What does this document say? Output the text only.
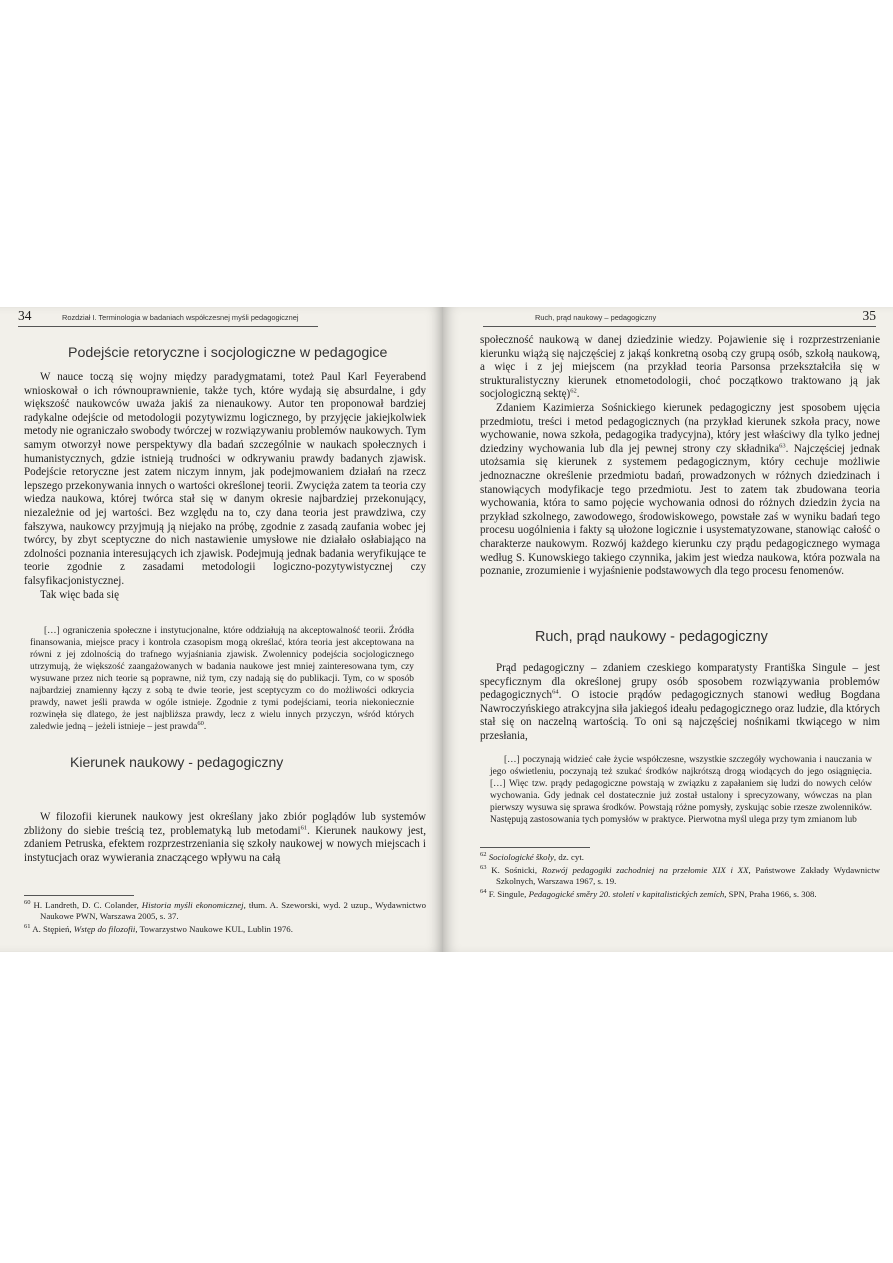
34	Rozdział I. Terminologia w badaniach współczesnej myśli pedagogicznej
Podejście retoryczne i socjologiczne w pedagogice

W nauce toczą się wojny między paradygmatami, toteż Paul Karl Feyerabend wnioskował o ich równouprawnienie, także tych, które wydają się absurdalne, i gdy większość naukowców uważa jakiś za nienaukowy. Autor ten proponował bardziej radykalne odejście od metodologii pozytywizmu logicznego, by przyjęcie jakiejkolwiek metody nie ograniczało swobody twórczej w rozwiązywaniu problemów naukowych. Tym samym otworzył nowe perspektywy dla badań szczególnie w naukach społecznych i humanistycznych, gdzie istnieją trudności w odkrywaniu prawdy badanych zjawisk. Podejście retoryczne jest zatem niczym innym, jak podejmowaniem działań na rzecz lepszego przekonywania innych o wartości określonej teorii. Zwycięża zatem ta teoria czy wiedza naukowa, której twórca stał się w danym okresie najbardziej przekonujący, niezależnie od jej wartości. Bez względu na to, czy dana teoria jest prawdziwa, czy fałszywa, naukowcy przyjmują ją niejako na próbę, zgodnie z zasadą zaufania wobec jej twórcy, by zbyt sceptyczne do nich nastawienie umysłowe nie działało osłabiająco na zdolności poznania interesujących ich zjawisk. Podejmują jednak badania weryfikujące te teorie zgodnie z zasadami metodologii logiczno-pozytywistycznej czy falsyfikacjonistycznej.

Tak więc bada się

[…] ograniczenia społeczne i instytucjonalne, które oddziałują na akceptowalność teorii. Źródła finansowania, miejsce pracy i kontrola czasopism mogą określać, która teoria jest akceptowana na równi z jej zdolnością do trafnego wyjaśniania zjawisk. Zwolennicy podejścia socjologicznego utrzymują, że większość zaangażowanych w badania naukowe jest mniej zainteresowana tym, czy wysuwane przez nich teorie są poprawne, niż tym, czy nadają się do publikacji. Tym, co w sposób najbardziej znamienny łączy z sobą te dwie teorie, jest sceptycyzm co do możliwości odkrycia prawdy, nawet jeśli prawda w ogóle istnieje. Zgodnie z tymi podejściami, teoria niekoniecznie rozwinęła się dlatego, że jest najbliższa prawdy, lecz z wielu innych przyczyn, wśród których zaledwie jedną – jeżeli istnieje – jest prawda$^{60}$.

Kierunek naukowy - pedagogiczny

W filozofii kierunek naukowy jest określany jako zbiór poglądów lub systemów zbliżony do siebie treścią tez, problematyką lub metodami$^{61}$. Kierunek naukowy jest, zdaniem Petruska, efektem rozprzestrzeniania się szkoły naukowej w nowych miejscach i instytucjach oraz wywierania znaczącego wpływu na całą

$^{60}$ H. Landreth, D. C. Colander, Historia myśli ekonomicznej, tłum. A. Szeworski, wyd. 2 uzup., Wydawnictwo Naukowe PWN, Warszawa 2005, s. 37.

$^{61}$ A. Stępień, Wstęp do filozofii, Towarzystwo Naukowe KUL, Lublin 1976.

Ruch, prąd naukowy – pedagogiczny	35

społeczność naukową w danej dziedzinie wiedzy. Pojawienie się i rozprzestrzenianie kierunku wiążą się najczęściej z jakąś konkretną osobą czy grupą osób, szkołą naukową, a więc i z jej miejscem (na przykład teoria Parsonsa przekształciła się w strukturalistyczny kierunek etnometodologii, choć początkowo traktowano ją jak socjologiczną sektę)$^{62}$.

Zdaniem Kazimierza Sośnickiego kierunek pedagogiczny jest sposobem ujęcia przedmiotu, treści i metod pedagogicznych (na przykład kierunek szkoła pracy, nowe wychowanie, nowa szkoła, pedagogika tradycyjna), który jest właściwy dla tylko jednej dziedziny wychowania lub dla jej pewnej strony czy składnika$^{63}$. Najczęściej jednak utożsamia się kierunek z systemem pedagogicznym, który cechuje możliwie jednoznaczne określenie przedmiotu badań, prowadzonych w różnych dziedzinach i stanowiących modyfikacje tego przedmiotu. Jest to zatem tak zbudowana teoria wychowania, która to samo pojęcie wychowania odnosi do różnych dziedzin życia na przykład szkolnego, zawodowego, środowiskowego, powstałe zaś w wyniku badań tego procesu uogólnienia i fakty są ułożone logicznie i usystematyzowane, stanowiąc całość o charakterze naukowym. Rozwój każdego kierunku czy prądu pedagogicznego wymaga według S. Kunowskiego takiego czynnika, jakim jest wiedza naukowa, która pozwala na poznanie, zrozumienie i wyjaśnienie podstawowych dla tego procesu fenomenów.

Ruch, prąd naukowy - pedagogiczny

Prąd pedagogiczny – zdaniem czeskiego komparatysty Františka Singule – jest specyficznym dla określonej grupy osób sposobem rozwiązywania problemów pedagogicznych$^{64}$. O istocie prądów pedagogicznych stanowi według Bogdana Nawroczyńskiego atrakcyjna siła jakiegoś ideału pedagogicznego oraz ludzie, dla których stał się on naczelną wartością. To oni są najczęściej nośnikami tkwiącego w nim przesłania,

[…] poczynają widzieć całe życie współczesne, wszystkie szczegóły wychowania i nauczania w jego oświetleniu, poczynają też szukać środków najkrótszą drogą wiodących do jego osiągnięcia. […] Więc tzw. prądy pedagogiczne powstają w związku z zapałaniem się ludzi do nowych celów wychowania. Gdy jednak cel dostatecznie już został ustalony i sprecyzowany, wówczas na plan pierwszy wysuwa się sprawa środków. Powstają różne pomysły, zyskując sobie rzesze zwolenników. Następują zastosowania tych pomysłów w praktyce. Pierwotna myśl ulega przy tym zmianom lub

$^{62}$ Sociologické školy, dz. cyt.

$^{63}$ K. Sośnicki, Rozwój pedagogiki zachodniej na przełomie XIX i XX, Państwowe Zakłady Wydawnictw Szkolnych, Warszawa 1967, s. 19.

$^{64}$ F. Singule, Pedagogické směry 20. století v kapitalistických zemích, SPN, Praha 1966, s. 308.
